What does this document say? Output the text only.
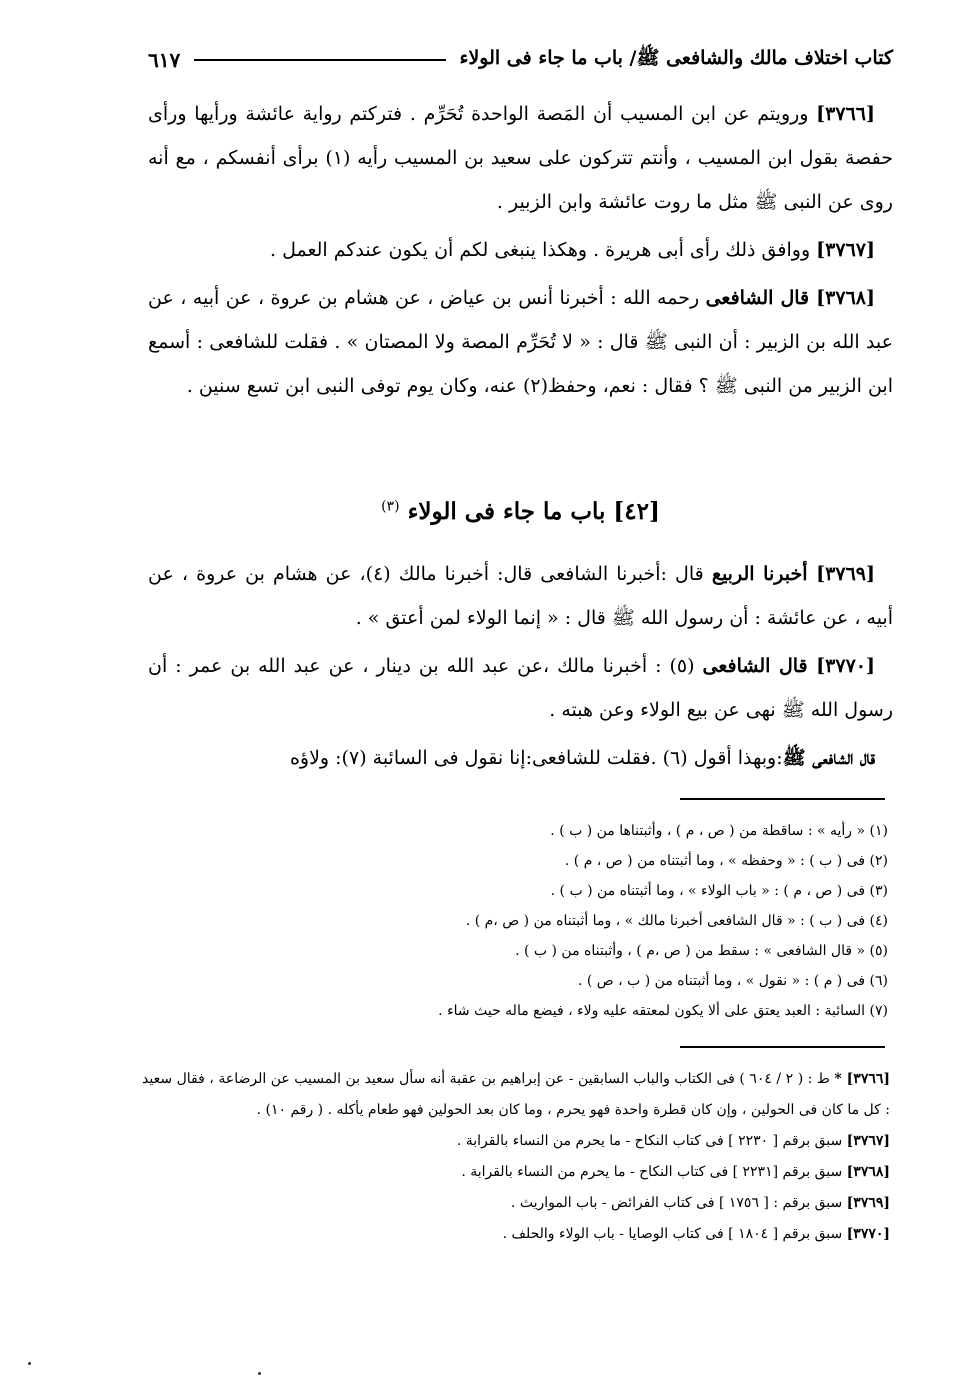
كتاب اختلاف مالك والشافعى ﷺ/ باب ما جاء فى الولاء
٦١٧

[٣٧٦٦] ورويتم عن ابن المسيب أن المَصة الواحدة تُحَرِّم . فتركتم رواية عائشة ورأيها ورأى حفصة بقول ابن المسيب ، وأنتم تتركون على سعيد بن المسيب رأيه (١) برأى أنفسكم ، مع أنه روى عن النبى ﷺ مثل ما روت عائشة وابن الزبير .

[٣٧٦٧] ووافق ذلك رأى أبى هريرة . وهكذا ينبغى لكم أن يكون عندكم العمل .

[٣٧٦٨] قال الشافعى رحمه الله : أخبرنا أنس بن عياض ، عن هشام بن عروة ، عن أبيه ، عن عبد الله بن الزبير : أن النبى ﷺ قال : « لا تُحَرِّم المصة ولا المصتان » . فقلت للشافعى : أسمع ابن الزبير من النبى ﷺ ؟ فقال : نعم، وحفظ(٢) عنه، وكان يوم توفى النبى ابن تسع سنين .

[٤٢] باب ما جاء فى الولاء $^{(٣)}$

[٣٧٦٩] أخبرنا الربيع قال :أخبرنا الشافعى قال: أخبرنا مالك (٤)، عن هشام بن عروة ، عن أبيه ، عن عائشة : أن رسول الله ﷺ قال : « إنما الولاء لمن أعتق » .

[٣٧٧٠] قال الشافعى (٥) : أخبرنا مالك ،عن عبد الله بن دينار ، عن عبد الله بن عمر : أن رسول الله ﷺ نهى عن بيع الولاء وعن هبته .

قال الشافعى ﷺ:وبهذا أقول (٦) .فقلت للشافعى:إنا نقول فى السائبة (٧): ولاؤه

(١) « رأيه » : ساقطة من ( ص ، م ) ، وأثبتناها من ( ب ) .
(٢) فى ( ب ) : « وحفظه » ، وما أثبتناه من ( ص ، م ) .
(٣) فى ( ص ، م ) : « باب الولاء » ، وما أثبتناه من ( ب ) .
(٤) فى ( ب ) : « قال الشافعى أخبرنا مالك » ، وما أثبتناه من ( ص ،م ) .
(٥) « قال الشافعى » : سقط من ( ص ،م ) ، وأثبتناه من ( ب ) .
(٦) فى ( م ) : « نقول » ، وما أثبتناه من ( ب ، ص ) .
(٧) السائبة : العبد يعتق على ألا يكون لمعتقه عليه ولاء ، فيضع ماله حيث شاء .

[٣٧٦٦] * ط : ( ٢ / ٦٠٤ ) فى الكتاب والباب السابقين - عن إبراهيم بن عقبة أنه سأل سعيد بن المسيب عن الرضاعة ، فقال سعيد : كل ما كان فى الحولين ، وإن كان قطرة واحدة فهو يحرم ، وما كان بعد الحولين فهو طعام يأكله . ( رقم ١٠) .

[٣٧٦٧] سبق برقم [ ٢٢٣٠ ] فى كتاب النكاح - ما يحرم من النساء بالقرابة .

[٣٧٦٨] سبق برقم [٢٢٣١ ] فى كتاب النكاح - ما يحرم من النساء بالقرابة .

[٣٧٦٩] سبق برقم : [ ١٧٥٦ ] فى كتاب الفرائض - باب المواريث .

[٣٧٧٠] سبق برقم [ ١٨٠٤ ] فى كتاب الوصايا - باب الولاء والحلف .
